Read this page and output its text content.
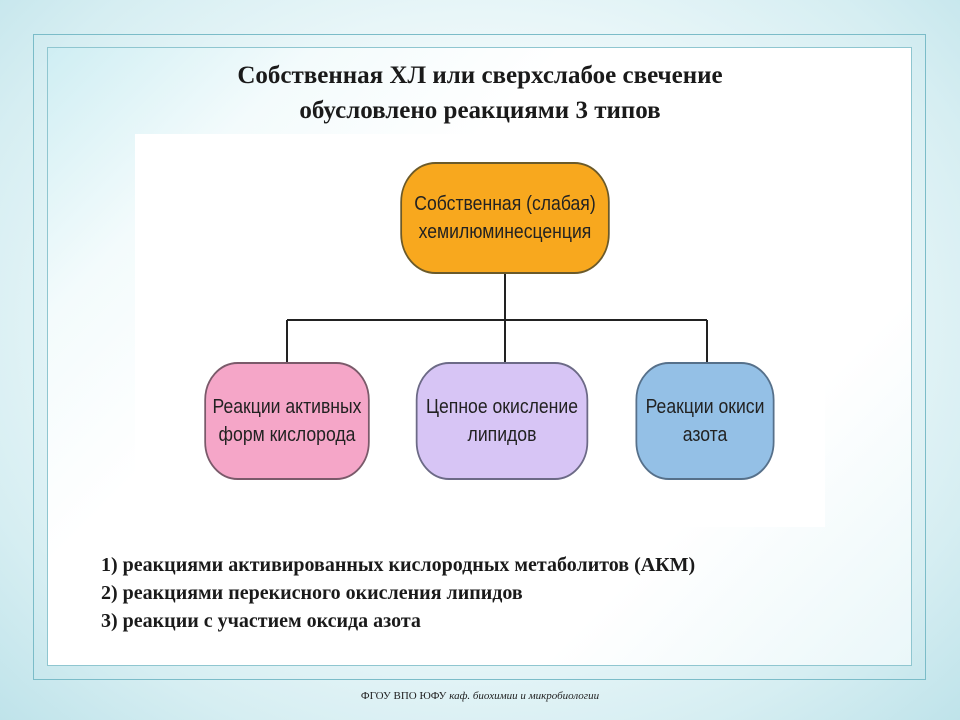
Собственная ХЛ или сверхслабое свечение
обусловлено реакциями 3 типов
Собственная (слабая)
хемилюминесценция
Реакции активных
форм кислорода
Цепное окисление
липидов
Реакции окиси
азота
1) реакциями активированных кислородных метаболитов (АКМ)
2) реакциями перекисного окисления липидов
3) реакции с участием оксида азота
ФГОУ ВПО ЮФУ каф. биохимии и микробиологии
